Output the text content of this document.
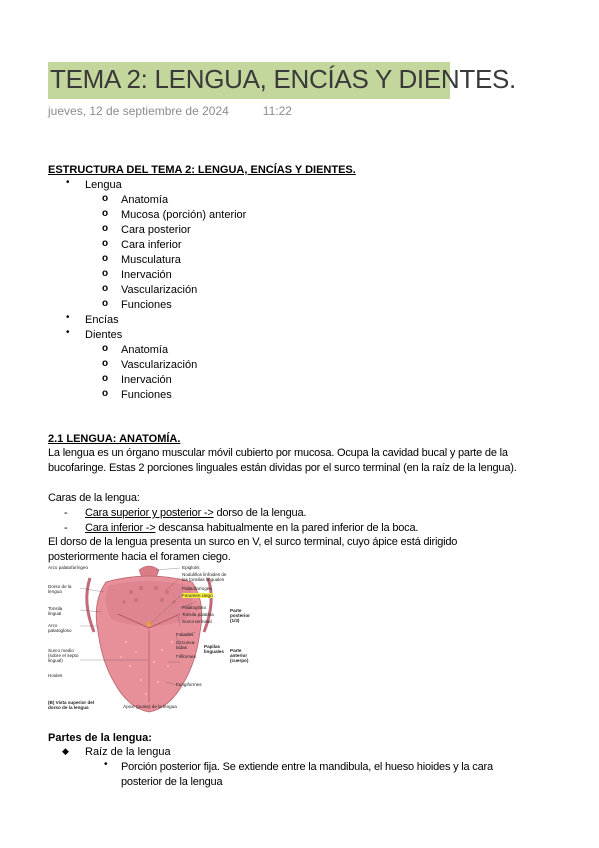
TEMA 2: LENGUA, ENCÍAS Y DIENTES.
jueves, 12 de septiembre de 2024	11:22
ESTRUCTURA DEL TEMA 2: LENGUA, ENCÍAS Y DIENTES.
• Lengua
o Anatomía
o Mucosa (porción) anterior
o Cara posterior
o Cara inferior
o Musculatura
o Inervación
o Vascularización
o Funciones
• Encías
• Dientes
o Anatomía
o Vascularización
o Inervación
o Funciones
2.1 LENGUA: ANATOMÍA.
La lengua es un órgano muscular móvil cubierto por mucosa. Ocupa la cavidad bucal y parte de la bucofaringe. Estas 2 porciones linguales están dividas por el surco terminal (en la raíz de la lengua).
Caras de la lengua:
- Cara superior y posterior -> dorso de la lengua.
- Cara inferior -> descansa habitualmente en la pared inferior de la boca.
El dorso de la lengua presenta un surco en V, el surco terminal, cuyo ápice está dirigido posteriormente hacia el foramen ciego.
Arco palatofaríngeo
Dorso de la lengua
Tonsila lingual
Arco palatogloso
Surco medio (sobre el septo lingual)
Hoides
Epiglotis
Nodulillos linfoides de las tonsilas linguales
Palatofaríngeo
Foramen ciego
Palatogloso
Tonsila palatina
Surco terminal
Foliadas
Circunva-ladas
Filiformes
Fungiformes
Parte posterior (1/3)
Papilas linguales	Parte anterior (cuerpo)
(B) Vista superior del dorso de la lengua	Ápice (punta) de la lengua
Partes de la lengua:
◆ Raíz de la lengua
• Porción posterior fija. Se extiende entre la mandibula, el hueso hioides y la cara posterior de la lengua
